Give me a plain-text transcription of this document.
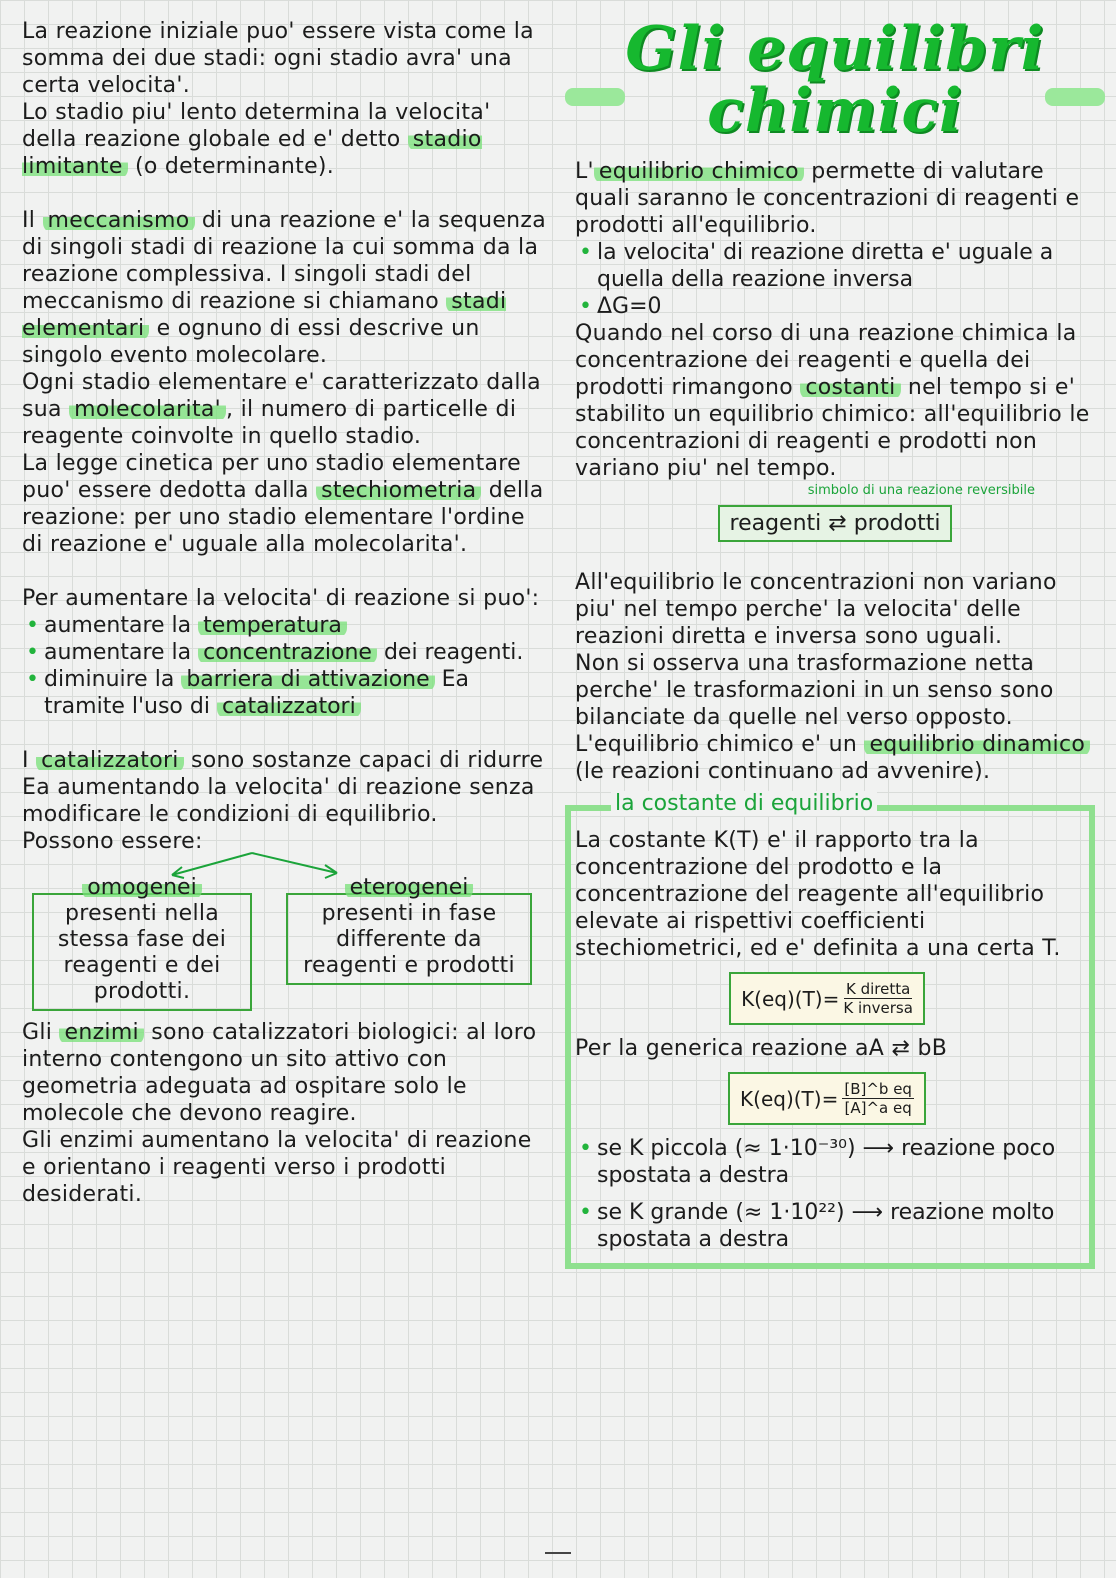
La reazione iniziale puo' essere vista come la somma dei due stadi: ogni stadio avra' una certa velocita'.

Lo stadio piu' lento determina la velocita' della reazione globale ed e' detto stadio limitante (o determinante).

Il meccanismo di una reazione e' la sequenza di singoli stadi di reazione la cui somma da la reazione complessiva. I singoli stadi del meccanismo di reazione si chiamano stadi elementari e ognuno di essi descrive un singolo evento molecolare.

Ogni stadio elementare e' caratterizzato dalla sua molecolarita' , il numero di particelle di reagente coinvolte in quello stadio.

La legge cinetica per uno stadio elementare puo' essere dedotta dalla stechiometria della reazione: per uno stadio elementare l'ordine di reazione e' uguale alla molecolarita'.

Per aumentare la velocita' di reazione si puo':

• aumentare la temperatura
• aumentare la concentrazione dei reagenti.
• diminuire la barriera di attivazione Ea tramite l'uso di catalizzatori

I catalizzatori sono sostanze capaci di ridurre Ea aumentando la velocita' di reazione senza modificare le condizioni di equilibrio.

Possono essere:

omogenei

presenti nella stessa fase dei reagenti e dei prodotti.

eterogenei

presenti in fase differente da reagenti e prodotti

Gli enzimi sono catalizzatori biologici: al loro interno contengono un sito attivo con geometria adeguata ad ospitare solo le molecole che devono reagire.

Gli enzimi aumentano la velocita' di reazione e orientano i reagenti verso i prodotti desiderati.

Gli equilibri
chimici

L' equilibrio chimico permette di valutare quali saranno le concentrazioni di reagenti e prodotti all'equilibrio.

• la velocita' di reazione diretta e' uguale a quella della reazione inversa
• ΔG=0

Quando nel corso di una reazione chimica la concentrazione dei reagenti e quella dei prodotti rimangono costanti nel tempo si e' stabilito un equilibrio chimico: all'equilibrio le concentrazioni di reagenti e prodotti non variano piu' nel tempo.

simbolo di una reazione reversibile
reagenti ⇄ prodotti

All'equilibrio le concentrazioni non variano piu' nel tempo perche' la velocita' delle reazioni diretta e inversa sono uguali.

Non si osserva una trasformazione netta perche' le trasformazioni in un senso sono bilanciate da quelle nel verso opposto.

L'equilibrio chimico e' un equilibrio dinamico (le reazioni continuano ad avvenire).

la costante di equilibrio

La costante K(T) e' il rapporto tra la concentrazione del prodotto e la concentrazione del reagente all'equilibrio elevate ai rispettivi coefficienti stechiometrici, ed e' definita a una certa T.

$K(eq)(T)= \frac{\text{K diretta}}{\text{K inversa}}$

Per la generica reazione aA ⇄ bB

$K(eq)(T)= \frac{\text{[B]\textasciicircum{}b eq}}{\text{[A]\textasciicircum{}a eq}}$
• se K piccola (≈ 1·10⁻³⁰) ⟶ reazione poco spostata a destra
• se K grande (≈ 1·10²²) ⟶ reazione molto spostata a destra
